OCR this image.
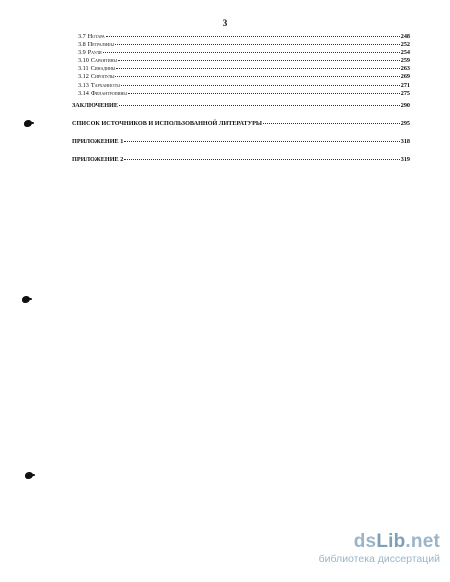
3
3.7 Нотара	248
3.8 Петралифы	252
3.9 Раули	254
3.10 Сарантины	259
3.11 Синадины	263
3.12 Сиропулы	269
3.13 Тарханиоты	271
3.14 Филантропины	275
ЗАКЛЮЧЕНИЕ	290
СПИСОК ИСТОЧНИКОВ И ИСПОЛЬЗОВАННОЙ ЛИТЕРАТУРЫ	295
ПРИЛОЖЕНИЕ 1	318
ПРИЛОЖЕНИЕ 2	319
dsLib.net
библиотека диссертаций
